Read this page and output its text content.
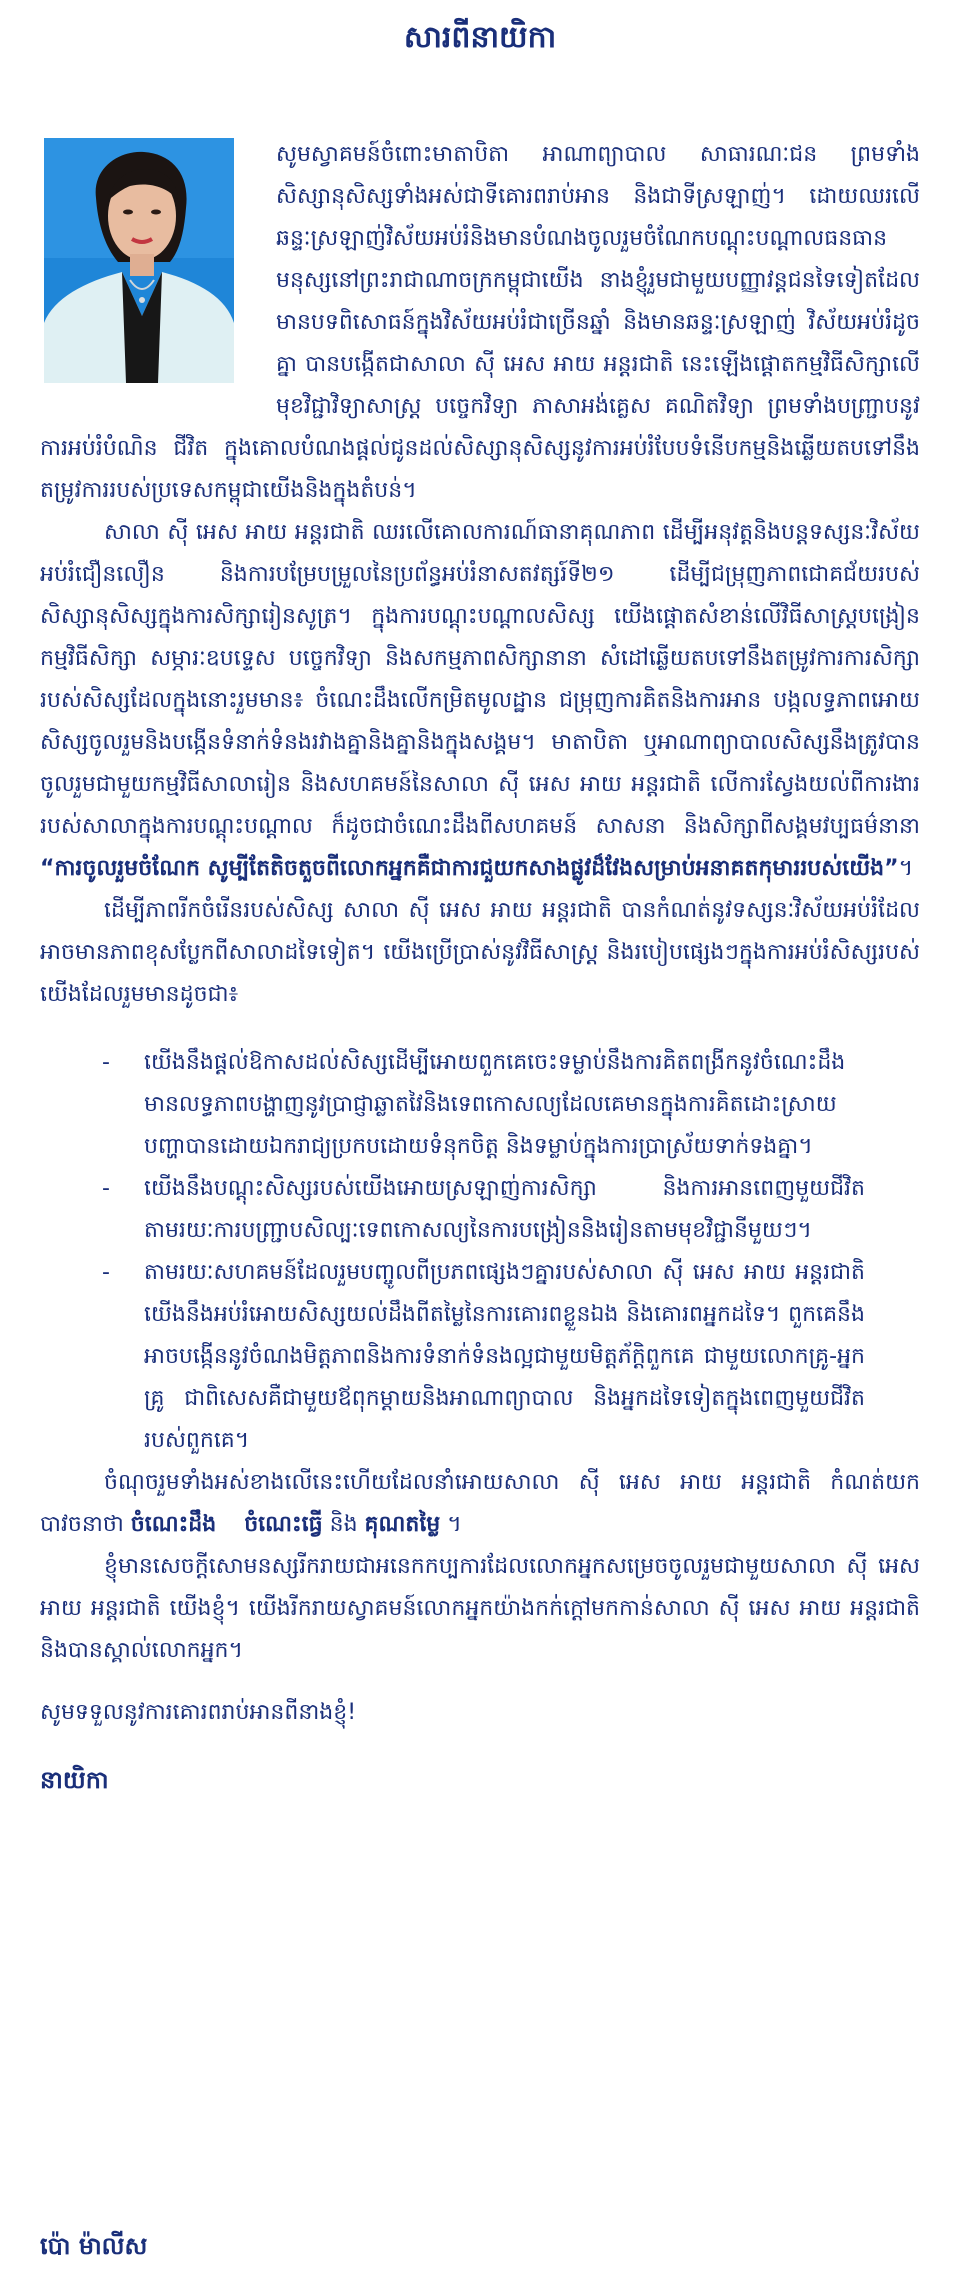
សារពីនាយិកា
សូមស្វាគមន៍ចំពោះមាតាបិតា អាណាព្យាបាល សាធារណៈជន ព្រមទាំងសិស្សានុសិស្សទាំងអស់ជាទីគោរពរាប់អាន និងជាទីស្រឡាញ់។ ដោយឈរលើឆន្ទៈស្រឡាញ់វិស័យអប់រំនិងមានបំណងចូលរួមចំណែកបណ្តុះបណ្តាលធនធានមនុស្សនៅព្រះរាជាណាចក្រកម្ពុជាយើង នាងខ្ញុំរួមជាមួយបញ្ញាវន្តជនទៃទៀតដែលមានបទពិសោធន៍ក្នុងវិស័យអប់រំជាច្រើនឆ្នាំ និងមានឆន្ទៈស្រឡាញ់ វិស័យអប់រំដូចគ្នា បានបង្កើតជាសាលា ស៊ី អេស អាយ អន្តរជាតិ នេះឡើងផ្តោតកម្មវិធីសិក្សាលើមុខវិជ្ជាវិទ្យាសាស្ត្រ បច្ចេកវិទ្យា ភាសាអង់គ្លេស គណិតវិទ្យា ព្រមទាំងបញ្ជ្រាបនូវការអប់រំបំណិន ជីវិត ក្នុងគោលបំណងផ្តល់ជូនដល់សិស្សានុសិស្សនូវការអប់រំបែបទំនើបកម្មនិងឆ្លើយតបទៅនឹងតម្រូវការរបស់ប្រទេសកម្ពុជាយើងនិងក្នុងតំបន់។

សាលា ស៊ី អេស អាយ អន្តរជាតិ ឈរលើគោលការណ៍ធានាគុណភាព ដើម្បីអនុវត្តនិងបន្តទស្សនៈវិស័យអប់រំជឿនលឿន និងការបម្រែបម្រួលនៃប្រព័ន្ធអប់រំនាសតវត្សរ៍ទី២១ ដើម្បីជម្រុញភាពជោគជ័យរបស់សិស្សានុសិស្សក្នុងការសិក្សារៀនសូត្រ។ ក្នុងការបណ្តុះបណ្តាលសិស្ស យើងផ្តោតសំខាន់លើវិធីសាស្ត្របង្រៀន កម្មវិធីសិក្សា សម្ភារៈឧបទ្ទេស បច្ចេកវិទ្យា និងសកម្មភាពសិក្សានានា សំដៅឆ្លើយតបទៅនឹងតម្រូវការការសិក្សារបស់សិស្សដែលក្នុងនោះរួមមាន៖ ចំណេះដឹងលើកម្រិតមូលដ្ឋាន ជម្រុញការគិតនិងការអាន បង្កលទ្ធភាពអោយសិស្សចូលរួមនិងបង្កើនទំនាក់ទំនងរវាងគ្នានិងគ្នានិងក្នុងសង្គម។ មាតាបិតា ឬអាណាព្យាបាលសិស្សនឹងត្រូវបានចូលរួមជាមួយកម្មវិធីសាលារៀន និងសហគមន៍នៃសាលា ស៊ី អេស អាយ អន្តរជាតិ លើការស្វែងយល់ពីការងាររបស់សាលាក្នុងការបណ្តុះបណ្តាល ក៏ដូចជាចំណេះដឹងពីសហគមន៍ សាសនា និងសិក្សាពីសង្គមវប្បធម៌នានា “ការចូលរួមចំណែក សូម្បីតែតិចតួចពីលោកអ្នកគឺជាការជួយកសាងផ្លូវដ៏វែងសម្រាប់អនាគតកុមាររបស់យើង”។

ដើម្បីភាពរីកចំរើនរបស់សិស្ស សាលា ស៊ី អេស អាយ អន្តរជាតិ បានកំណត់នូវទស្សនៈវិស័យអប់រំដែលអាចមានភាពខុសប្លែកពីសាលាដទៃទៀត។ យើងប្រើប្រាស់នូវវិធីសាស្ត្រ និងរបៀបផ្សេងៗក្នុងការអប់រំសិស្សរបស់យើងដែលរួមមានដូចជា៖

- យើងនឹងផ្តល់ឱកាសដល់សិស្សដើម្បីអោយពួកគេចេះទម្លាប់នឹងការគិតពង្រីកនូវចំណេះដឹង មានលទ្ធភាពបង្ហាញនូវប្រាជ្ញាឆ្លាតវៃនិងទេពកោសល្យដែលគេមានក្នុងការគិតដោះស្រាយបញ្ហាបានដោយឯករាជ្យប្រកបដោយទំនុកចិត្ត និងទម្លាប់ក្នុងការប្រាស្រ័យទាក់ទងគ្នា។
- យើងនឹងបណ្តុះសិស្សរបស់យើងអោយស្រឡាញ់ការសិក្សា និងការអានពេញមួយជីវិត តាមរយៈការបញ្ជ្រាបសិល្បៈទេពកោសល្យនៃការបង្រៀននិងរៀនតាមមុខវិជ្ជានីមួយៗ។
- តាមរយៈសហគមន៍ដែលរួមបញ្ចូលពីប្រភពផ្សេងៗគ្នារបស់សាលា ស៊ី អេស អាយ អន្តរជាតិ យើងនឹងអប់រំអោយសិស្សយល់ដឹងពីតម្លៃនៃការគោរពខ្លួនឯង និងគោរពអ្នកដទៃ។ ពួកគេនឹងអាចបង្កើននូវចំណងមិត្តភាពនិងការទំនាក់ទំនងល្អជាមួយមិត្តភ័ក្តិពួកគេ ជាមួយលោកគ្រូ-អ្នកគ្រូ ជាពិសេសគឺជាមួយឪពុកម្តាយនិងអាណាព្យាបាល និងអ្នកដទៃទៀតក្នុងពេញមួយជីវិតរបស់ពួកគេ។

ចំណុចរួមទាំងអស់ខាងលើនេះហើយដែលនាំអោយសាលា ស៊ី អេស អាយ អន្តរជាតិ កំណត់យកបាវចនាថា ចំណេះដឹង ចំណេះធ្វើ និង គុណតម្លៃ ។

ខ្ញុំមានសេចក្តីសោមនស្សរីករាយជាអនេកកប្បការដែលលោកអ្នកសម្រេចចូលរួមជាមួយសាលា ស៊ី អេស អាយ អន្តរជាតិ យើងខ្ញុំ។ យើងរីករាយស្វាគមន៍លោកអ្នកយ៉ាងកក់ក្តៅមកកាន់សាលា ស៊ី អេស អាយ អន្តរជាតិ និងបានស្គាល់លោកអ្នក។

សូមទទួលនូវការគោរពរាប់អានពីនាងខ្ញុំ!
នាយិកា
ប៉ោ ម៉ាលីស
